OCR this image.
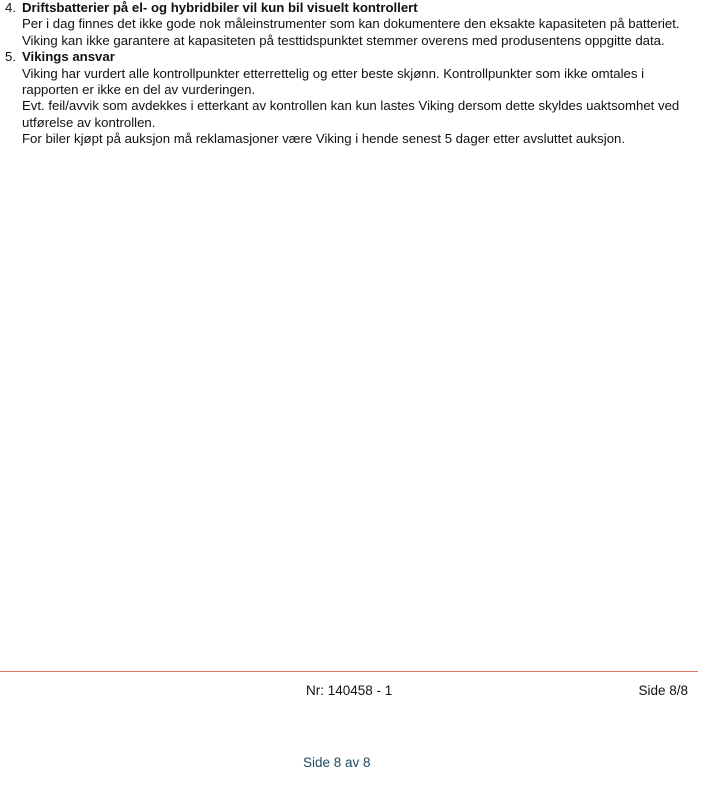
4. Driftsbatterier på el- og hybridbiler vil kun bil visuelt kontrollert
Per i dag finnes det ikke gode nok måleinstrumenter som kan dokumentere den eksakte kapasiteten på batteriet. Viking kan ikke garantere at kapasiteten på testtidspunktet stemmer overens med produsentens oppgitte data.
5. Vikings ansvar
Viking har vurdert alle kontrollpunkter etterrettelig og etter beste skjønn. Kontrollpunkter som ikke omtales i rapporten er ikke en del av vurderingen.
Evt. feil/avvik som avdekkes i etterkant av kontrollen kan kun lastes Viking dersom dette skyldes uaktsomhet ved utførelse av kontrollen.
For biler kjøpt på auksjon må reklamasjoner være Viking i hende senest 5 dager etter avsluttet auksjon.
Nr: 140458 - 1	Side 8/8
Side 8 av 8
